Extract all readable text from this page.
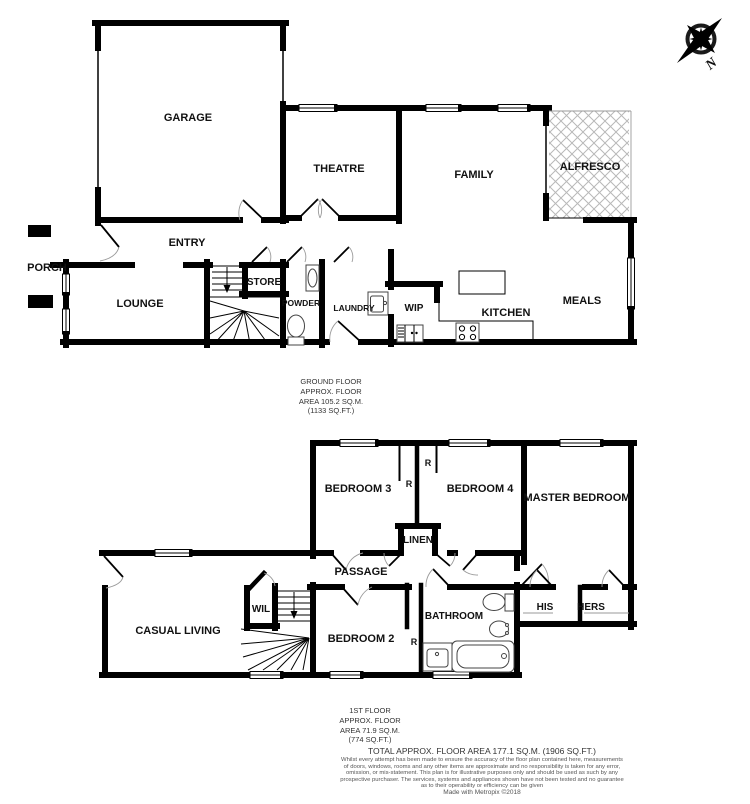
GARAGE
THEATRE	FAMILY
ALFRESCO
ENTRY
PORCH
LOUNGE
STORE
POWDER LAUNDRY	WIP	KITCHEN
MEALS
BEDROOM 3 R
R
BEDROOM 4
MASTER BEDROOM
LINEN
PASSAGE
CASUAL LIVING
WIL
BEDROOM 2 R
BATHROOM
HIS HERS
N
GROUND FLOOR
APPROX. FLOOR
AREA 105.2 SQ.M.
(1133 SQ.FT.)
1ST FLOOR
APPROX. FLOOR
AREA 71.9 SQ.M.
(774 SQ.FT.)
TOTAL APPROX. FLOOR AREA 177.1 SQ.M. (1906 SQ.FT.)
Whilst every attempt has been made to ensure the accuracy of the floor plan contained here, measurements
of doors, windows, rooms and any other items are approximate and no responsibility is taken for any error,
omission, or mis-statement. This plan is for illustrative purposes only and should be used as such by any
prospective purchaser. The services, systems and appliances shown have not been tested and no guarantee
as to their operability or efficiency can be given
Made with Metropix ©2018
